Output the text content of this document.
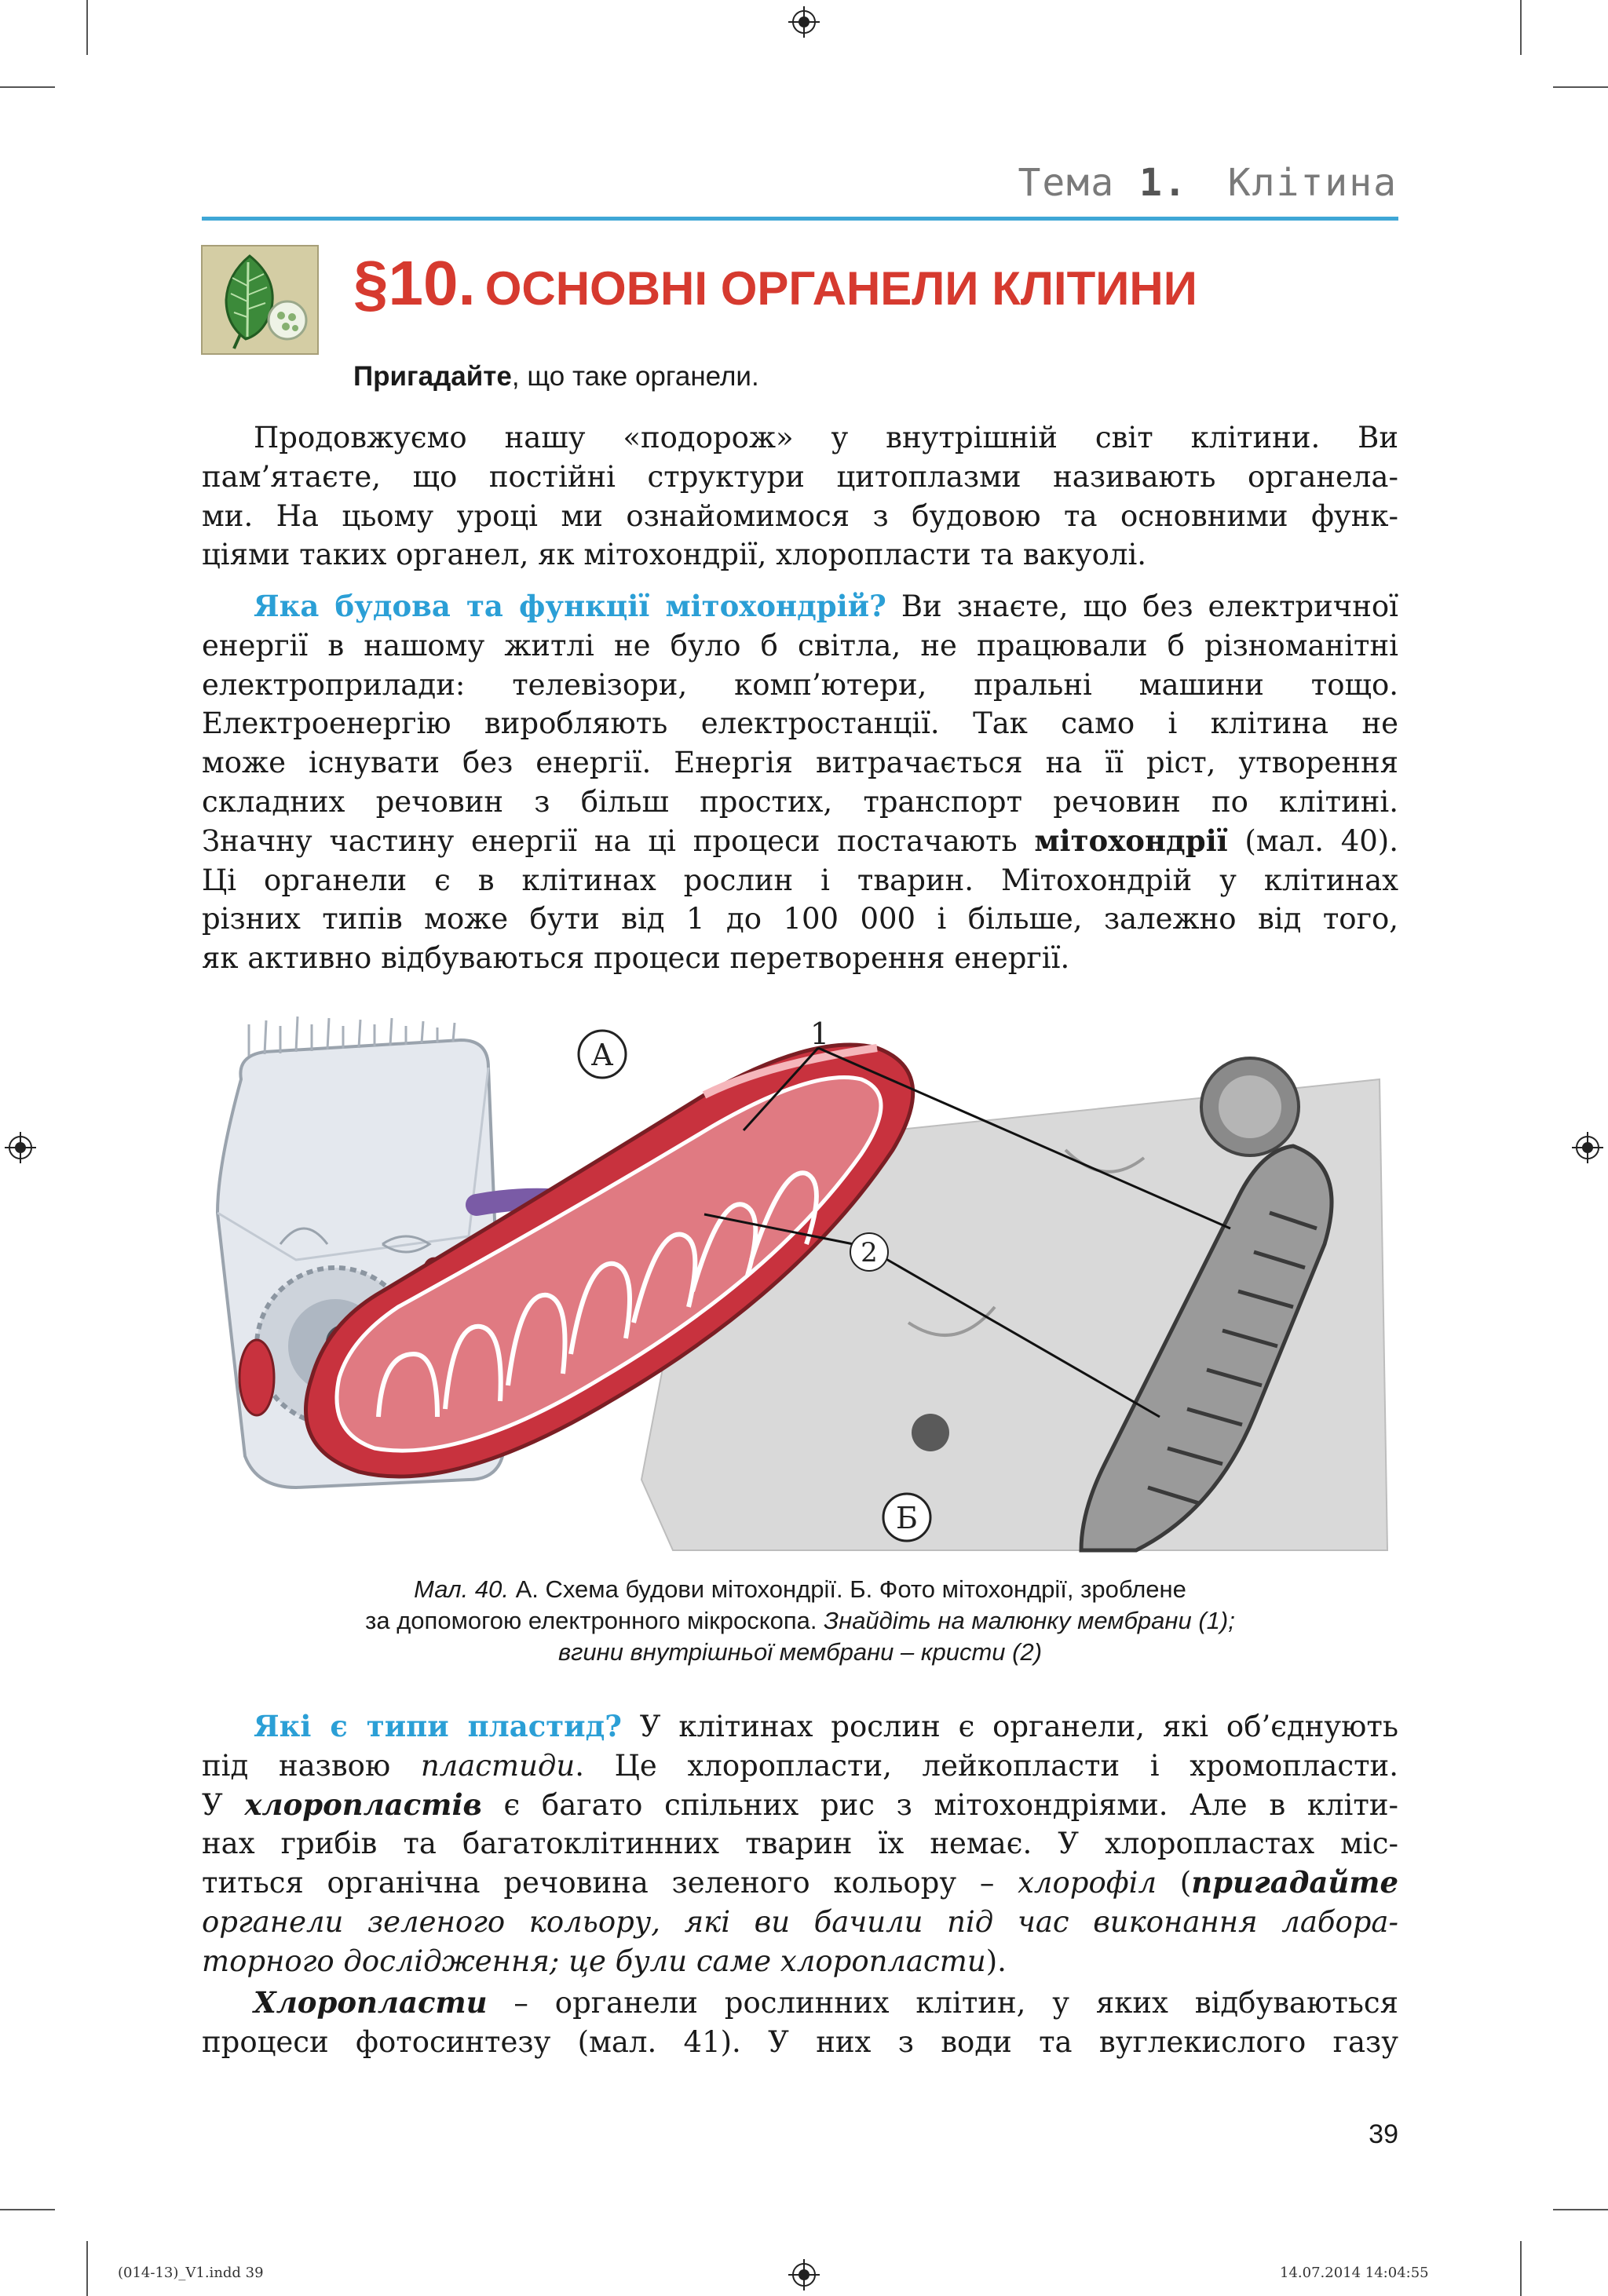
Тема 1. Клітина
§10. ОСНОВНІ ОРГАНЕЛИ КЛІТИНИ
Пригадайте, що таке органели.
Продовжуємо нашу «подорож» у внутрішній світ клітини. Ви
пам’ятаєте, що постійні структури цитоплазми називають органела-
ми. На цьому уроці ми ознайомимося з будовою та основними функ-
ціями таких органел, як мітохондрії, хлоропласти та вакуолі.
Яка будова та функції мітохондрій? Ви знаєте, що без електричної
енергії в нашому житлі не було б світла, не працювали б різноманітні
електроприлади: телевізори, комп’ютери, пральні машини тощо.
Електроенергію виробляють електростанції. Так само і клітина не
може існувати без енергії. Енергія витрачається на її ріст, утворення
складних речовин з більш простих, транспорт речовин по клітині.
Значну частину енергії на ці процеси постачають мітохондрії (мал. 40).
Ці органели є в клітинах рослин і тварин. Мітохондрій у клітинах
різних типів може бути від 1 до 100 000 і більше, залежно від того,
як активно відбуваються процеси перетворення енергії.
А
1
2
Б
Мал. 40. А. Схема будови мітохондрії. Б. Фото мітохондрії, зроблене
за допомогою електронного мікроскопа. Знайдіть на малюнку мембрани (1);
вгини внутрішньої мембрани – кристи (2)
Які є типи пластид? У клітинах рослин є органели, які об’єднують
під назвою пластиди. Це хлоропласти, лейкопласти і хромопласти.
У хлоропластів є багато спільних рис з мітохондріями. Але в кліти-
нах грибів та багатоклітинних тварин їх немає. У хлоропластах міс-
титься органічна речовина зеленого кольору – хлорофіл (пригадайте
органели зеленого кольору, які ви бачили під час виконання лабора-
торного дослідження; це були саме хлоропласти).
Хлоропласти – органели рослинних клітин, у яких відбуваються
процеси фотосинтезу (мал. 41). У них з води та вуглекислого газу
39
(014-13)_V1.indd 39	14.07.2014 14:04:55
